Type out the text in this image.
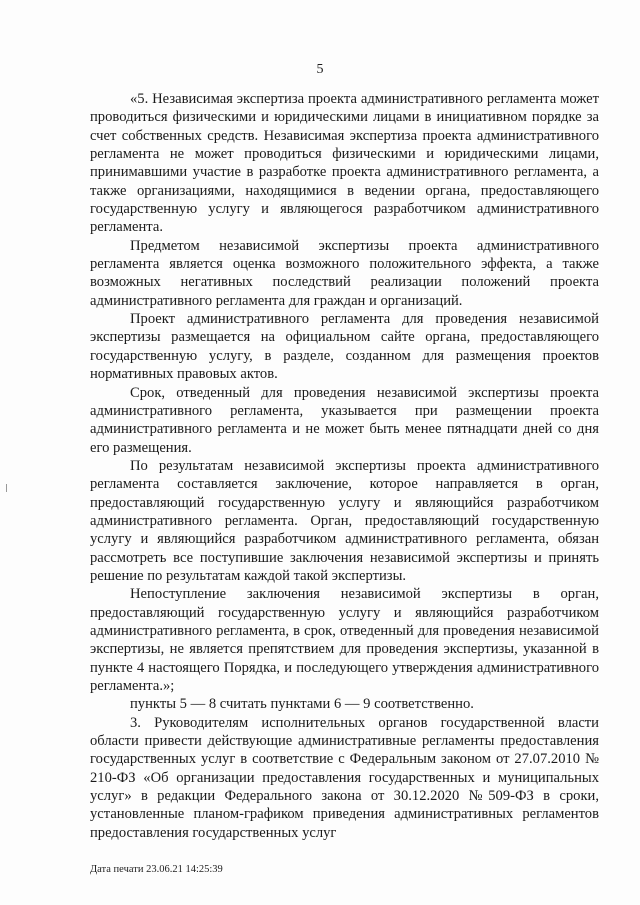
5

«5. Независимая экспертиза проекта административного регламента может проводиться физическими и юридическими лицами в инициативном порядке за счет собственных средств. Независимая экспертиза проекта административного регламента не может проводиться физическими и юридическими лицами, принимавшими участие в разработке проекта административного регламента, а также организациями, находящимися в ведении органа, предоставляющего государственную услугу и являющегося разработчиком административного регламента.

Предметом независимой экспертизы проекта административного регламента является оценка возможного положительного эффекта, а также возможных негативных последствий реализации положений проекта административного регламента для граждан и организаций.

Проект административного регламента для проведения независимой экспертизы размещается на официальном сайте органа, предоставляющего государственную услугу, в разделе, созданном для размещения проектов нормативных правовых актов.

Срок, отведенный для проведения независимой экспертизы проекта административного регламента, указывается при размещении проекта административного регламента и не может быть менее пятнадцати дней со дня его размещения.

По результатам независимой экспертизы проекта административного регламента составляется заключение, которое направляется в орган, предоставляющий государственную услугу и являющийся разработчиком административного регламента. Орган, предоставляющий государственную услугу и являющийся разработчиком административного регламента, обязан рассмотреть все поступившие заключения независимой экспертизы и принять решение по результатам каждой такой экспертизы.

Непоступление заключения независимой экспертизы в орган, предоставляющий государственную услугу и являющийся разработчиком административного регламента, в срок, отведенный для проведения независимой экспертизы, не является препятствием для проведения экспертизы, указанной в пункте 4 настоящего Порядка, и последующего утверждения административного регламента.»;

пункты 5 — 8 считать пунктами 6 — 9 соответственно.

3. Руководителям исполнительных органов государственной власти области привести действующие административные регламенты предоставления государственных услуг в соответствие с Федеральным законом от 27.07.2010 № 210-ФЗ «Об организации предоставления государственных и муниципальных услуг» в редакции Федерального закона от 30.12.2020 №509-ФЗ в сроки, установленные планом-графиком приведения административных регламентов предоставления государственных услуг

Дата печати 23.06.21 14:25:39
